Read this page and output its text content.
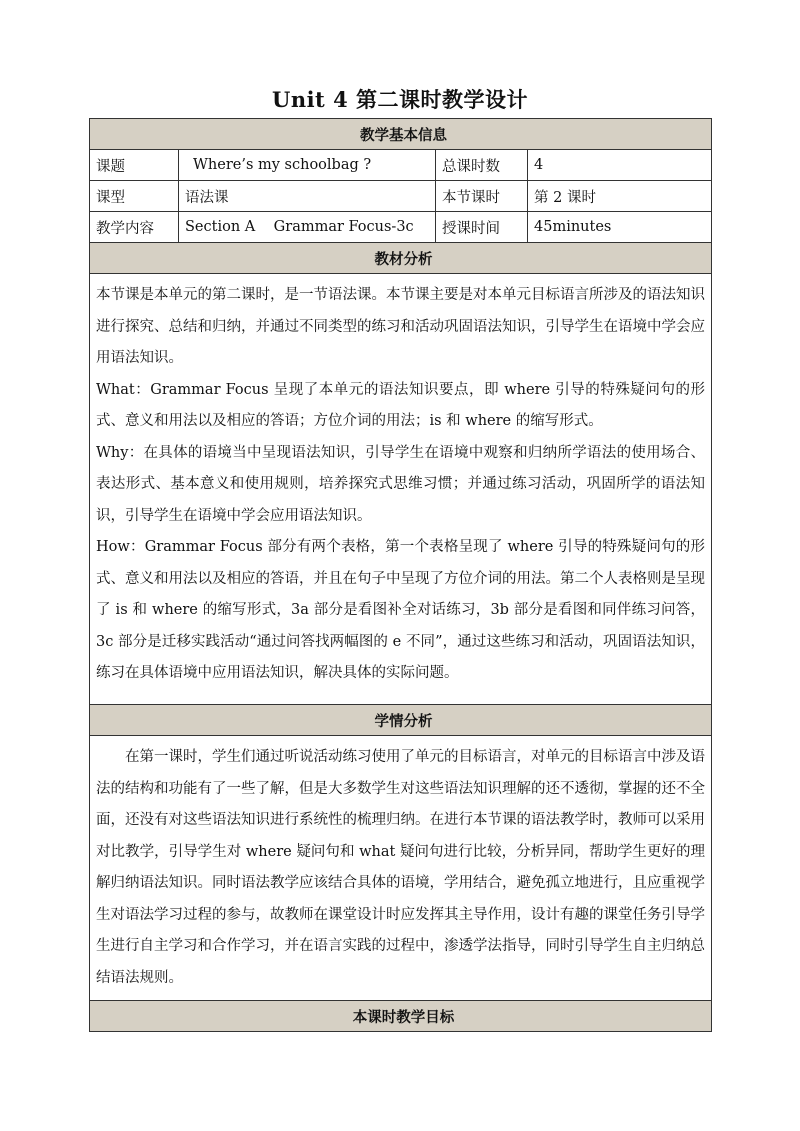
Unit 4 第二课时教学设计
教学基本信息			
课题	Where’s my schoolbag ?	总课时数	4
课型	语法课	本节课时	第 2 课时
教学内容	Section A    Grammar Focus-3c	授课时间	45minutes
教材分析			

本节课是本单元的第二课时，是一节语法课。本节课主要是对本单元目标语言所涉及的语法知识进行探究、总结和归纳，并通过不同类型的练习和活动巩固语法知识，引导学生在语境中学会应用语法知识。

What：Grammar Focus 呈现了本单元的语法知识要点，即 where 引导的特殊疑问句的形式、意义和用法以及相应的答语；方位介词的用法；is 和 where 的缩写形式。

Why：在具体的语境当中呈现语法知识，引导学生在语境中观察和归纳所学语法的使用场合、表达形式、基本意义和使用规则，培养探究式思维习惯；并通过练习活动，巩固所学的语法知识，引导学生在语境中学会应用语法知识。

How：Grammar Focus 部分有两个表格，第一个表格呈现了 where 引导的特殊疑问句的形式、意义和用法以及相应的答语，并且在句子中呈现了方位介词的用法。第二个人表格则是呈现了 is 和 where 的缩写形式，3a 部分是看图补全对话练习，3b 部分是看图和同伴练习问答，3c 部分是迁移实践活动“通过问答找两幅图的 e 不同”，通过这些练习和活动，巩固语法知识，练习在具体语境中应用语法知识，解决具体的实际问题。			

学情分析			

在第一课时，学生们通过听说活动练习使用了单元的目标语言，对单元的目标语言中涉及语法的结构和功能有了一些了解，但是大多数学生对这些语法知识理解的还不透彻，掌握的还不全面，还没有对这些语法知识进行系统性的梳理归纳。在进行本节课的语法教学时，教师可以采用对比教学，引导学生对 where 疑问句和 what 疑问句进行比较，分析异同，帮助学生更好的理解归纳语法知识。同时语法教学应该结合具体的语境，学用结合，避免孤立地进行，且应重视学生对语法学习过程的参与，故教师在课堂设计时应发挥其主导作用，设计有趣的课堂任务引导学生进行自主学习和合作学习，并在语言实践的过程中，渗透学法指导，同时引导学生自主归纳总结语法规则。			

本课时教学目标			
